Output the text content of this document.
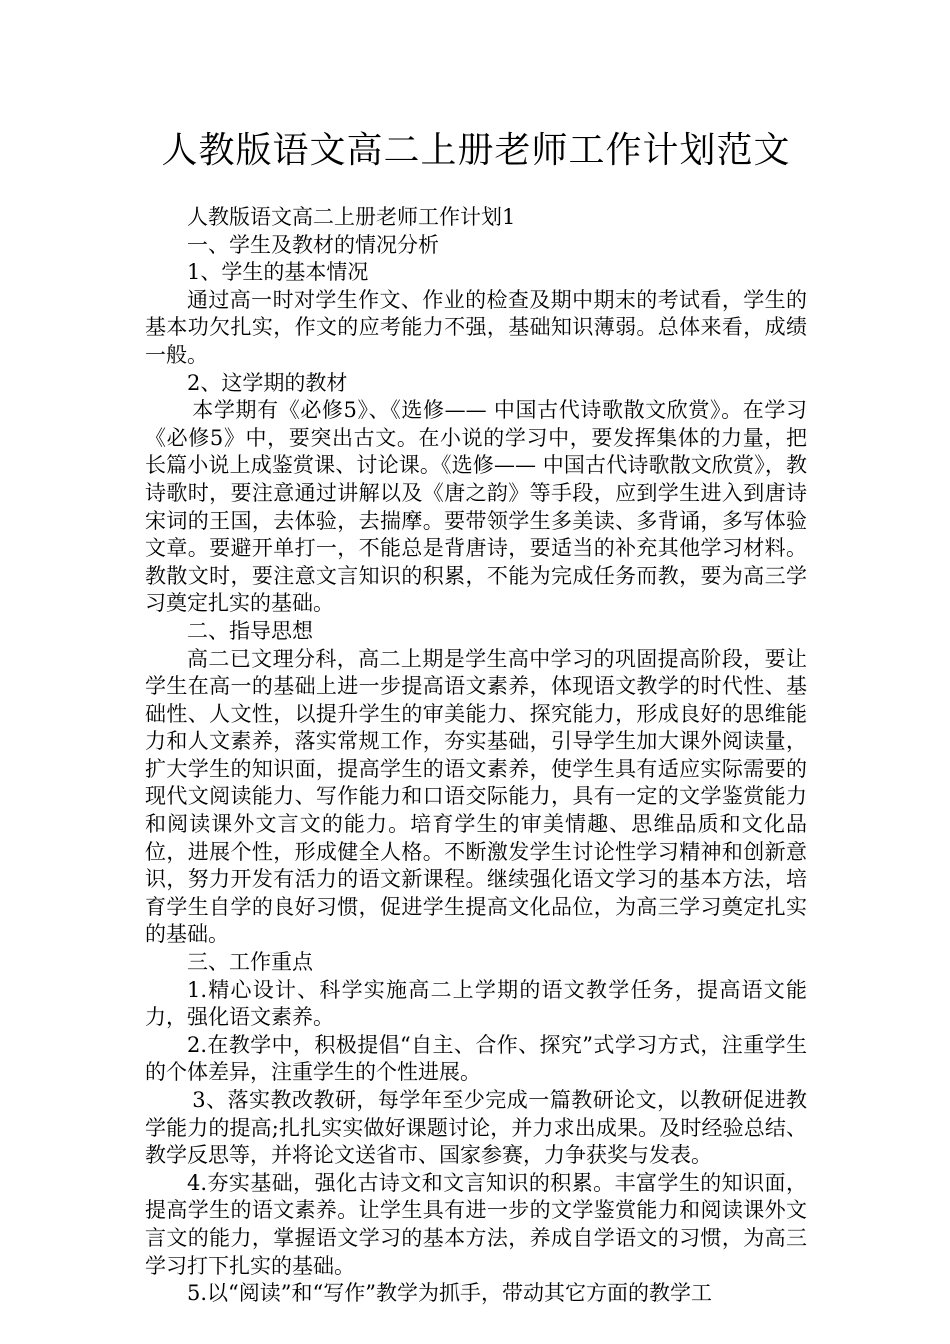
人教版语文高二上册老师工作计划范文

人教版语文高二上册老师工作计划1

一、学生及教材的情况分析

1、学生的基本情况

通过高一时对学生作文、作业的检查及期中期末的考试看，学生的基本功欠扎实，作文的应考能力不强，基础知识薄弱。总体来看，成绩一般。

2、这学期的教材

本学期有《必修5》、《选修—— 中国古代诗歌散文欣赏》。在学习《必修5》中，要突出古文。在小说的学习中，要发挥集体的力量，把长篇小说上成鉴赏课、讨论课。《选修—— 中国古代诗歌散文欣赏》，教诗歌时，要注意通过讲解以及《唐之韵》等手段，应到学生进入到唐诗宋词的王国，去体验，去揣摩。要带领学生多美读、多背诵，多写体验文章。要避开单打一，不能总是背唐诗，要适当的补充其他学习材料。教散文时，要注意文言知识的积累，不能为完成任务而教，要为高三学习奠定扎实的基础。

二、指导思想

高二已文理分科，高二上期是学生高中学习的巩固提高阶段，要让学生在高一的基础上进一步提高语文素养，体现语文教学的时代性、基础性、人文性，以提升学生的审美能力、探究能力，形成良好的思维能力和人文素养，落实常规工作，夯实基础，引导学生加大课外阅读量，扩大学生的知识面，提高学生的语文素养，使学生具有适应实际需要的现代文阅读能力、写作能力和口语交际能力，具有一定的文学鉴赏能力和阅读课外文言文的能力。培育学生的审美情趣、思维品质和文化品位，进展个性，形成健全人格。不断激发学生讨论性学习精神和创新意识，努力开发有活力的语文新课程。继续强化语文学习的基本方法，培育学生自学的良好习惯，促进学生提高文化品位，为高三学习奠定扎实的基础。

三、工作重点

1.精心设计、科学实施高二上学期的语文教学任务，提高语文能力，强化语文素养。

2.在教学中，积极提倡“自主、合作、探究”式学习方式，注重学生的个体差异，注重学生的个性进展。

3、落实教改教研，每学年至少完成一篇教研论文，以教研促进教学能力的提高;扎扎实实做好课题讨论，并力求出成果。及时经验总结、教学反思等，并将论文送省市、国家参赛，力争获奖与发表。

4.夯实基础，强化古诗文和文言知识的积累。丰富学生的知识面，提高学生的语文素养。让学生具有进一步的文学鉴赏能力和阅读课外文言文的能力，掌握语文学习的基本方法，养成自学语文的习惯，为高三学习打下扎实的基础。

5.以“阅读”和“写作”教学为抓手，带动其它方面的教学工
